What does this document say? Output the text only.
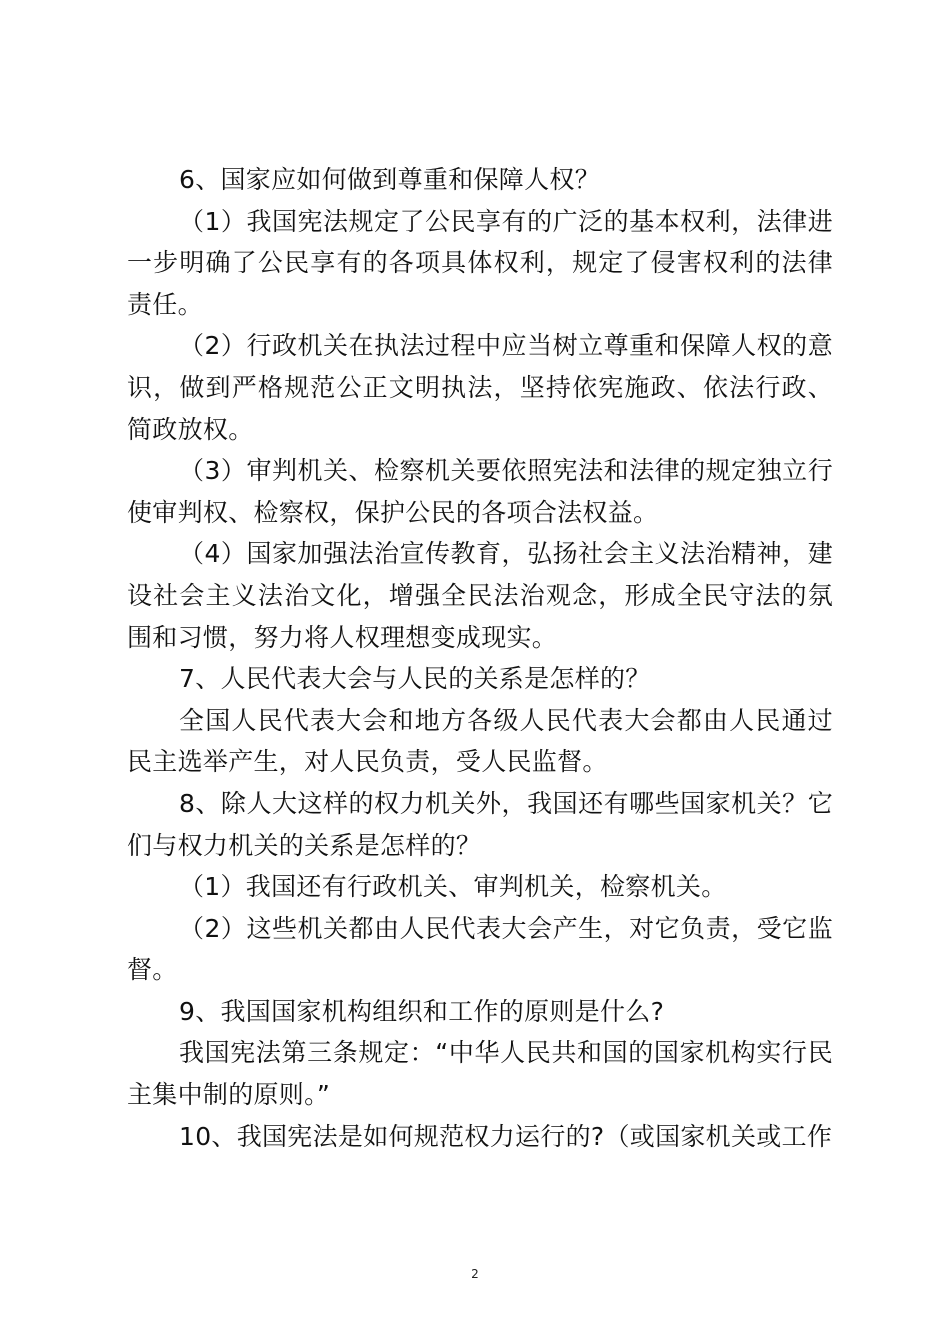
6、国家应如何做到尊重和保障人权？

（1）我国宪法规定了公民享有的广泛的基本权利，法律进一步明确了公民享有的各项具体权利，规定了侵害权利的法律责任。

（2）行政机关在执法过程中应当树立尊重和保障人权的意识，做到严格规范公正文明执法，坚持依宪施政、依法行政、简政放权。

（3）审判机关、检察机关要依照宪法和法律的规定独立行使审判权、检察权，保护公民的各项合法权益。

（4）国家加强法治宣传教育，弘扬社会主义法治精神，建设社会主义法治文化，增强全民法治观念，形成全民守法的氛围和习惯，努力将人权理想变成现实。

7、人民代表大会与人民的关系是怎样的？

全国人民代表大会和地方各级人民代表大会都由人民通过民主选举产生，对人民负责，受人民监督。

8、除人大这样的权力机关外，我国还有哪些国家机关？它们与权力机关的关系是怎样的？

（1）我国还有行政机关、审判机关，检察机关。

（2）这些机关都由人民代表大会产生，对它负责，受它监督。

9、我国国家机构组织和工作的原则是什么?

我国宪法第三条规定：“中华人民共和国的国家机构实行民主集中制的原则。”

10、我国宪法是如何规范权力运行的?（或国家机关或工作

2
